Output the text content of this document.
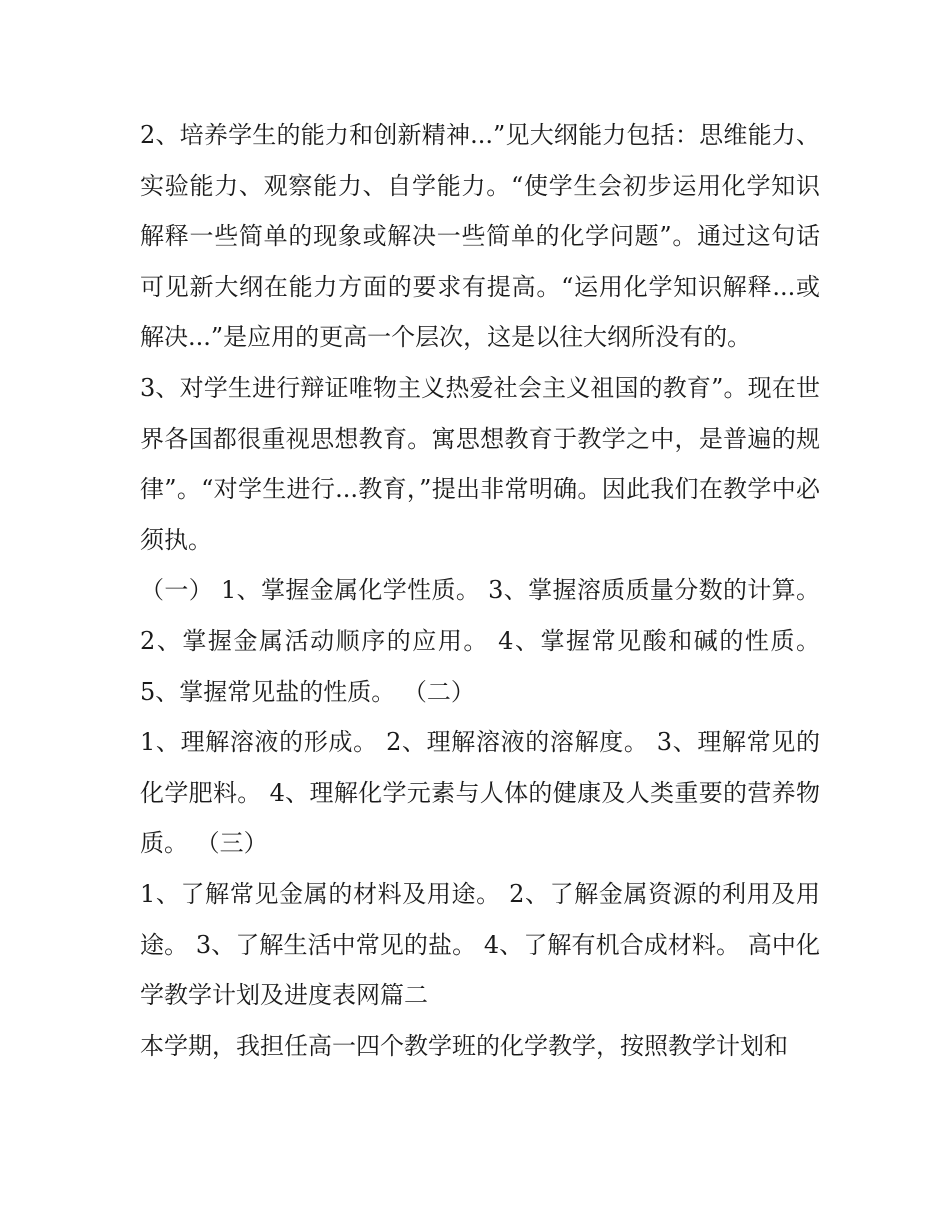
2、培养学生的能力和创新精神...”见大纲能力包括：思维能力、实验能力、观察能力、自学能力。“使学生会初步运用化学知识解释一些简单的现象或解决一些简单的化学问题”。通过这句话可见新大纲在能力方面的要求有提高。“运用化学知识解释...或解决...”是应用的更高一个层次，这是以往大纲所没有的。

3、对学生进行辩证唯物主义热爱社会主义祖国的教育”。现在世界各国都很重视思想教育。寓思想教育于教学之中，是普遍的规律”。“对学生进行...教育，”提出非常明确。因此我们在教学中必须执。

（一） 1、掌握金属化学性质。 3、掌握溶质质量分数的计算。 2、掌握金属活动顺序的应用。 4、掌握常见酸和碱的性质。 5、掌握常见盐的性质。 （二）

1、理解溶液的形成。 2、理解溶液的溶解度。 3、理解常见的化学肥料。 4、理解化学元素与人体的健康及人类重要的营养物质。 （三）

1、了解常见金属的材料及用途。 2、了解金属资源的利用及用途。 3、了解生活中常见的盐。 4、了解有机合成材料。 高中化学教学计划及进度表网篇二

本学期，我担任高一四个教学班的化学教学，按照教学计划和
